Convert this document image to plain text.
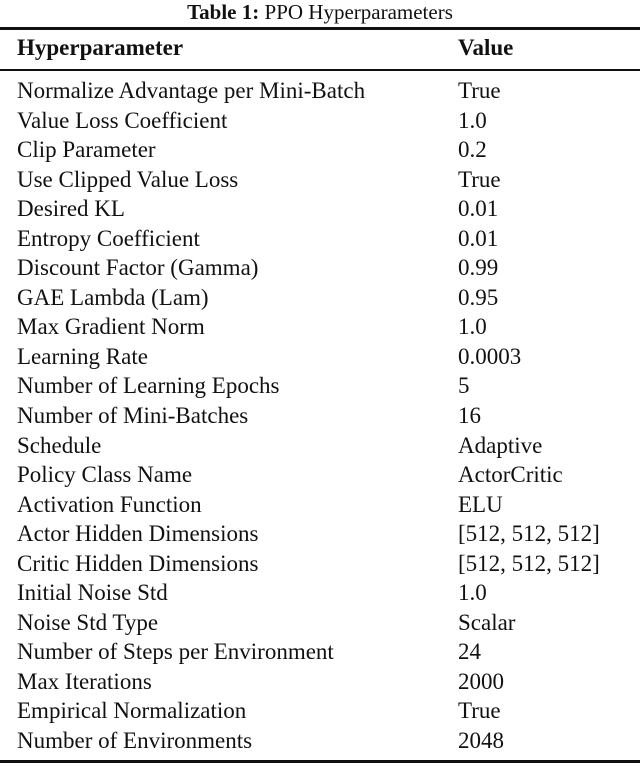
Table 1: PPO Hyperparameters
Hyperparameter	Value
Normalize Advantage per Mini-Batch	True
Value Loss Coefficient	1.0
Clip Parameter	0.2
Use Clipped Value Loss	True
Desired KL	0.01
Entropy Coefficient	0.01
Discount Factor (Gamma)	0.99
GAE Lambda (Lam)	0.95
Max Gradient Norm	1.0
Learning Rate	0.0003
Number of Learning Epochs	5
Number of Mini-Batches	16
Schedule	Adaptive
Policy Class Name	ActorCritic
Activation Function	ELU
Actor Hidden Dimensions	[512, 512, 512]
Critic Hidden Dimensions	[512, 512, 512]
Initial Noise Std	1.0
Noise Std Type	Scalar
Number of Steps per Environment	24
Max Iterations	2000
Empirical Normalization	True
Number of Environments	2048
